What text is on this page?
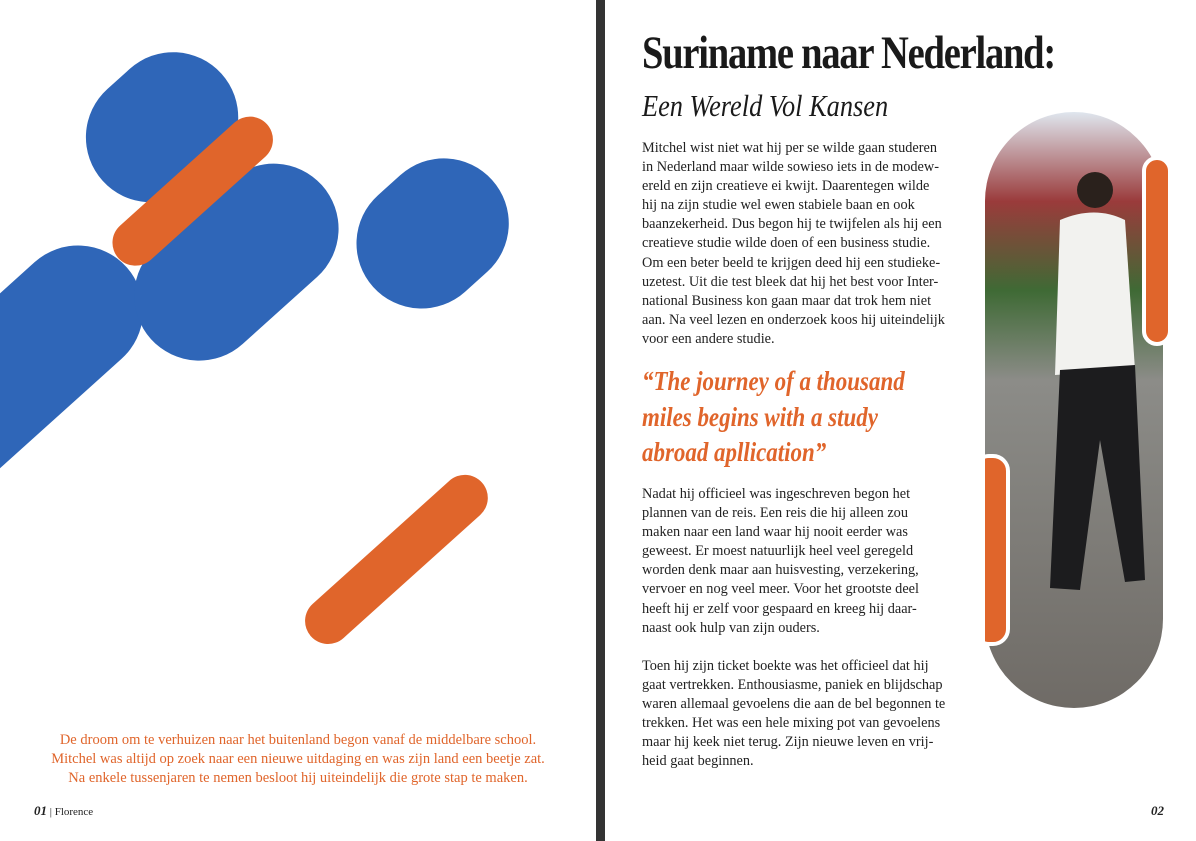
De droom om te verhuizen naar het buitenland begon vanaf de middelbare school.
Mitchel was altijd op zoek naar een nieuwe uitdaging en was zijn land een beetje zat.
Na enkele tussenjaren te nemen besloot hij uiteindelijk die grote stap te maken.
01 | Florence
Suriname naar Nederland:
Een Wereld Vol Kansen
Mitchel wist niet wat hij per se wilde gaan studeren
in Nederland maar wilde sowieso iets in de modew-
ereld en zijn creatieve ei kwijt. Daarentegen wilde
hij na zijn studie wel ewen stabiele baan en ook
baanzekerheid. Dus begon hij te twijfelen als hij een
creatieve studie wilde doen of een business studie.
Om een beter beeld te krijgen deed hij een studieke-
uzetest. Uit die test bleek dat hij het best voor Inter-
national Business kon gaan maar dat trok hem niet
aan. Na veel lezen en onderzoek koos hij uiteindelijk
voor een andere studie.
“The journey of a thousand
miles begins with a study
abroad apllication”
Nadat hij officieel was ingeschreven begon het
plannen van de reis. Een reis die hij alleen zou
maken naar een land waar hij nooit eerder was
geweest. Er moest natuurlijk heel veel geregeld
worden denk maar aan huisvesting, verzekering,
vervoer en nog veel meer. Voor het grootste deel
heeft hij er zelf voor gespaard en kreeg hij daar-
naast ook hulp van zijn ouders.
Toen hij zijn ticket boekte was het officieel dat hij
gaat vertrekken. Enthousiasme, paniek en blijdschap
waren allemaal gevoelens die aan de bel begonnen te
trekken. Het was een hele mixing pot van gevoelens
maar hij keek niet terug. Zijn nieuwe leven en vrij-
heid gaat beginnen.
02
